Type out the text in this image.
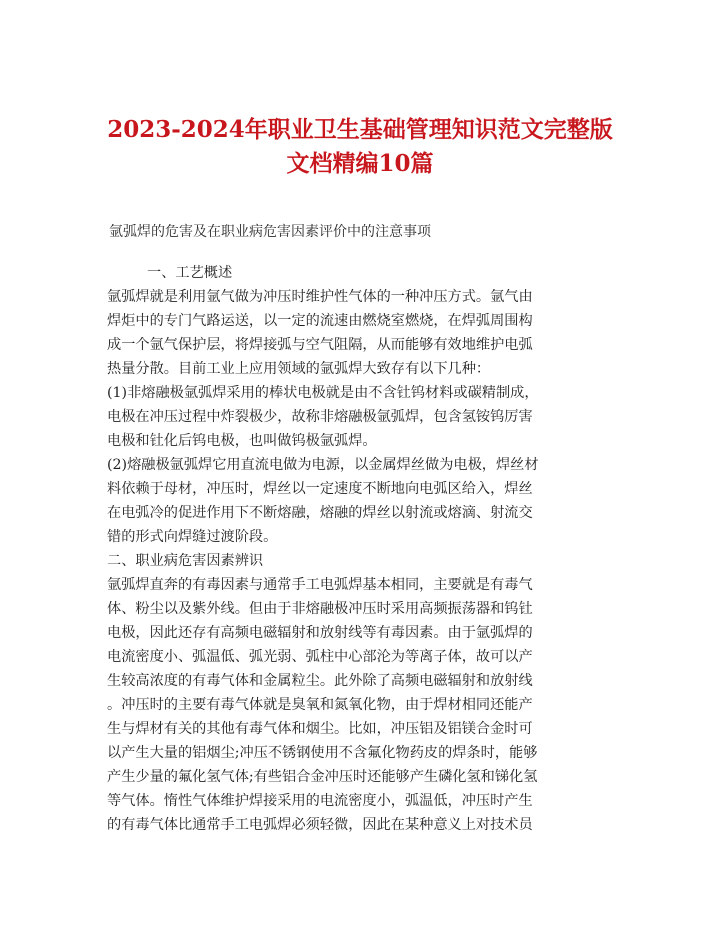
2023-2024年职业卫生基础管理知识范文完整版
文档精编10篇
氩弧焊的危害及在职业病危害因素评价中的注意事项
一、工艺概述
氩弧焊就是利用氩气做为冲压时维护性气体的一种冲压方式。氩气由
焊炬中的专门气路运送，以一定的流速由燃烧室燃烧，在焊弧周围构
成一个氩气保护层，将焊接弧与空气阻隔，从而能够有效地维护电弧
热量分散。目前工业上应用领域的氩弧焊大致存有以下几种：
(1)非熔融极氩弧焊采用的棒状电极就是由不含钍钨材料或碳精制成，
电极在冲压过程中炸裂极少，故称非熔融极氩弧焊，包含氢铵钨厉害
电极和钍化后钨电极，也叫做钨极氩弧焊。
(2)熔融极氩弧焊它用直流电做为电源，以金属焊丝做为电极，焊丝材
料依赖于母材，冲压时，焊丝以一定速度不断地向电弧区给入，焊丝
在电弧冷的促进作用下不断熔融，熔融的焊丝以射流或熔滴、射流交
错的形式向焊缝过渡阶段。
二、职业病危害因素辨识
氩弧焊直奔的有毒因素与通常手工电弧焊基本相同，主要就是有毒气
体、粉尘以及紫外线。但由于非熔融极冲压时采用高频振荡器和钨钍
电极，因此还存有高频电磁辐射和放射线等有毒因素。由于氩弧焊的
电流密度小、弧温低、弧光弱、弧柱中心部沦为等离子体，故可以产
生较高浓度的有毒气体和金属粒尘。此外除了高频电磁辐射和放射线
。冲压时的主要有毒气体就是臭氧和氮氧化物，由于焊材相同还能产
生与焊材有关的其他有毒气体和烟尘。比如，冲压铝及铝镁合金时可
以产生大量的铝烟尘;冲压不锈钢使用不含氟化物药皮的焊条时，能够
产生少量的氟化氢气体;有些铝合金冲压时还能够产生磷化氢和锑化氢
等气体。惰性气体维护焊接采用的电流密度小，弧温低，冲压时产生
的有毒气体比通常手工电弧焊必须轻微，因此在某种意义上对技术员
